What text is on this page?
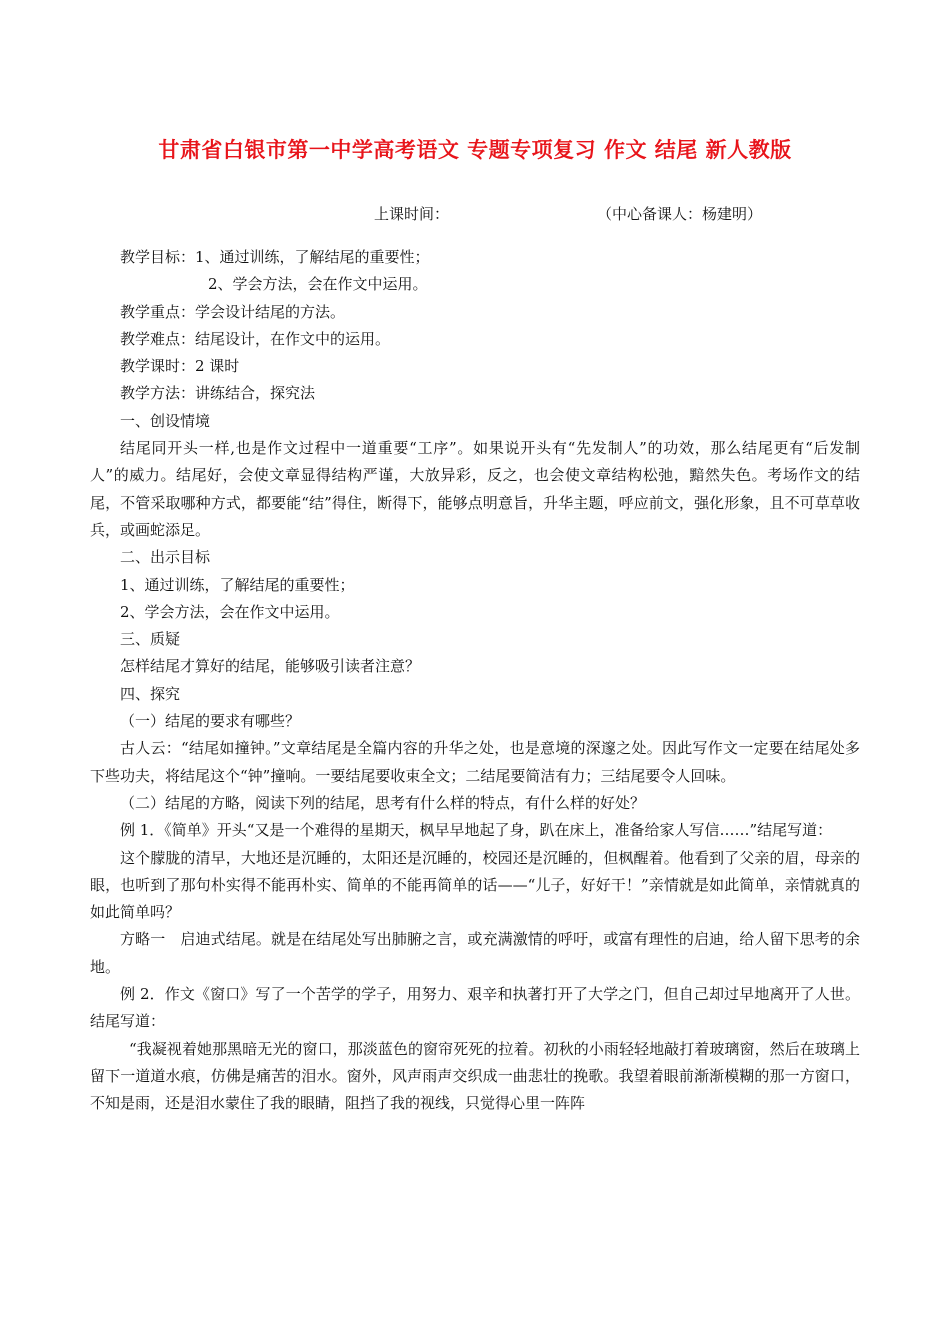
甘肃省白银市第一中学高考语文 专题专项复习 作文 结尾 新人教版
上课时间：	（中心备课人：杨建明）

教学目标：1、通过训练，了解结尾的重要性；

2、学会方法，会在作文中运用。

教学重点：学会设计结尾的方法。

教学难点：结尾设计，在作文中的运用。

教学课时：2 课时

教学方法：讲练结合，探究法

一、创设情境

结尾同开头一样,也是作文过程中一道重要“工序”。如果说开头有“先发制人”的功效，那么结尾更有“后发制人”的威力。结尾好，会使文章显得结构严谨，大放异彩，反之，也会使文章结构松弛，黯然失色。考场作文的结尾，不管采取哪种方式，都要能“结”得住，断得下，能够点明意旨，升华主题，呼应前文，强化形象，且不可草草收兵，或画蛇添足。

二、出示目标

1、通过训练，了解结尾的重要性；

2、学会方法，会在作文中运用。

三、质疑

怎样结尾才算好的结尾，能够吸引读者注意？

四、探究

（一）结尾的要求有哪些？

古人云：“结尾如撞钟。”文章结尾是全篇内容的升华之处，也是意境的深邃之处。因此写作文一定要在结尾处多下些功夫，将结尾这个“钟”撞响。一要结尾要收束全文；二结尾要简洁有力；三结尾要令人回味。

（二）结尾的方略，阅读下列的结尾，思考有什么样的特点，有什么样的好处？

例 1．《简单》开头“又是一个难得的星期天，枫早早地起了身，趴在床上，准备给家人写信……”结尾写道：

这个朦胧的清早，大地还是沉睡的，太阳还是沉睡的，校园还是沉睡的，但枫醒着。他看到了父亲的眉，母亲的眼，也听到了那句朴实得不能再朴实、简单的不能再简单的话——“儿子，好好干！”亲情就是如此简单，亲情就真的如此简单吗？

方略一　启迪式结尾。就是在结尾处写出肺腑之言，或充满激情的呼吁，或富有理性的启迪，给人留下思考的余地。

例 2．作文《窗口》写了一个苦学的学子，用努力、艰辛和执著打开了大学之门，但自己却过早地离开了人世。 结尾写道：

“我凝视着她那黑暗无光的窗口，那淡蓝色的窗帘死死的拉着。初秋的小雨轻轻地敲打着玻璃窗，然后在玻璃上留下一道道水痕，仿佛是痛苦的泪水。窗外，风声雨声交织成一曲悲壮的挽歌。我望着眼前渐渐模糊的那一方窗口，不知是雨，还是泪水蒙住了我的眼睛，阻挡了我的视线，只觉得心里一阵阵
